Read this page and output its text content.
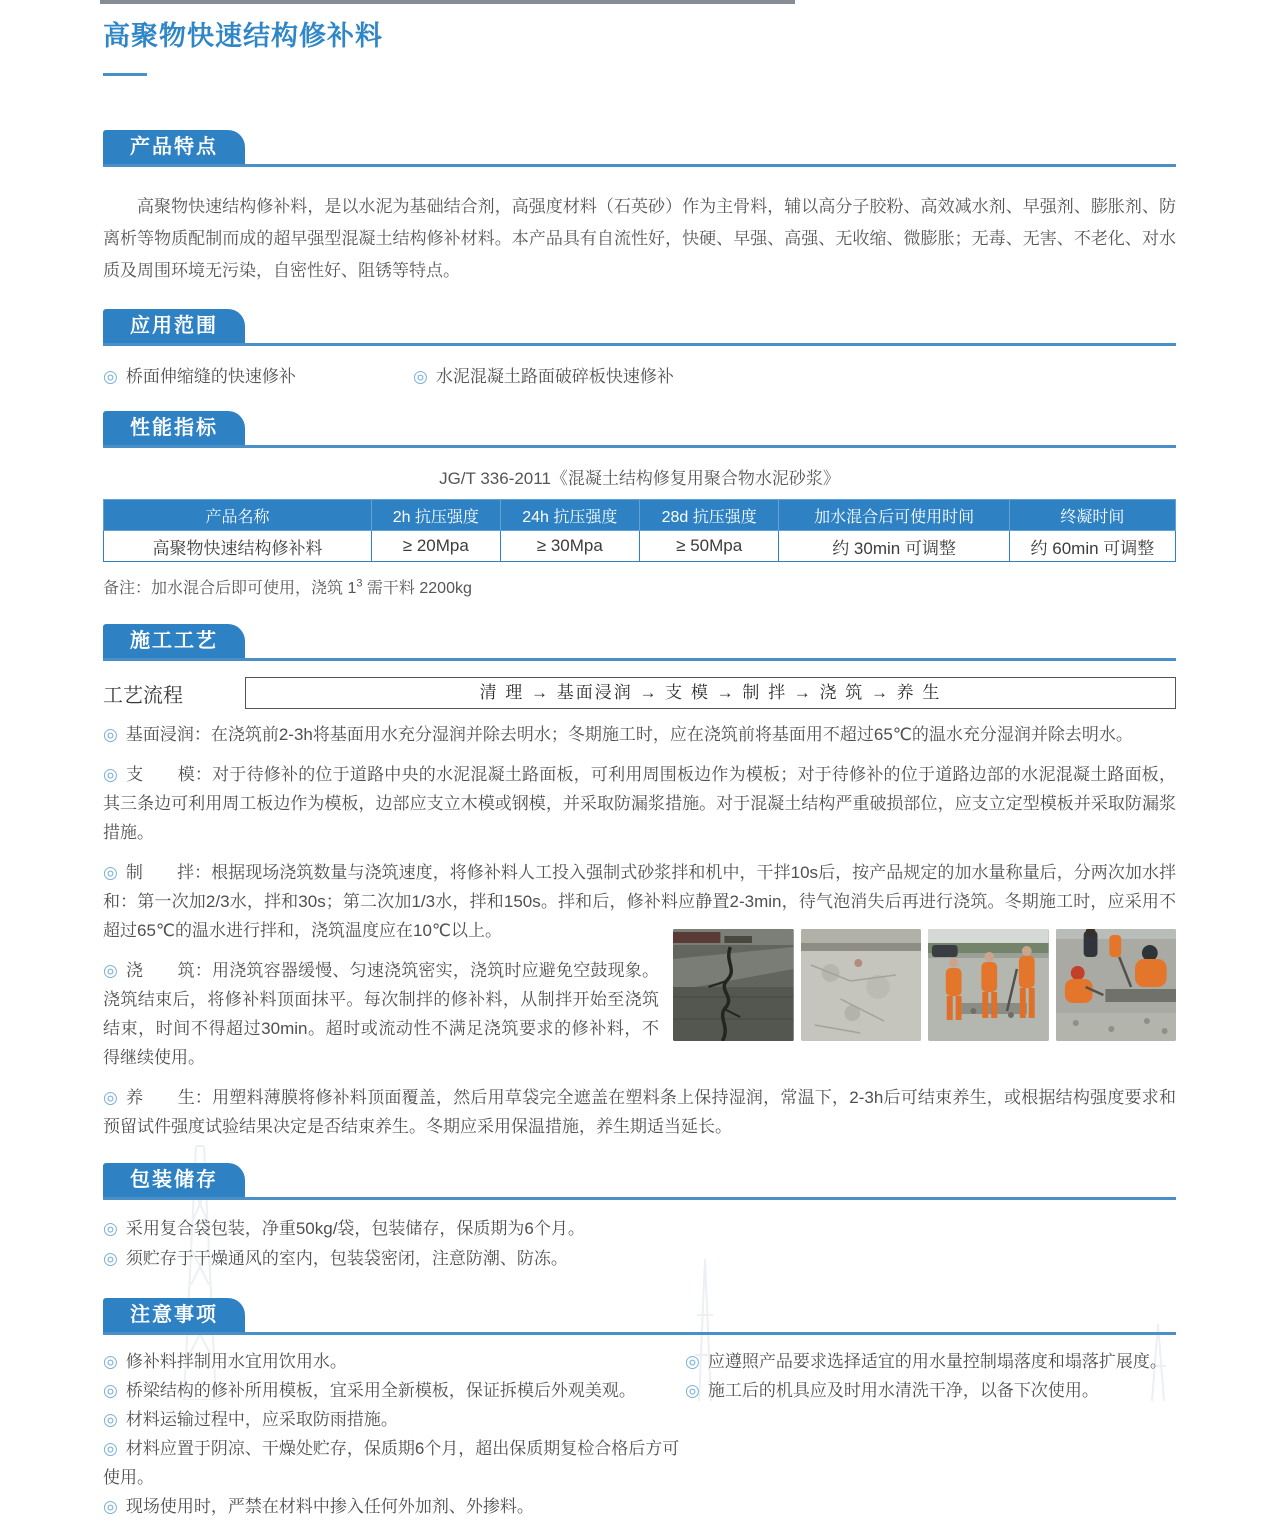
高聚物快速结构修补料
产品特点

高聚物快速结构修补料，是以水泥为基础结合剂，高强度材料（石英砂）作为主骨料，辅以高分子胶粉、高效减水剂、早强剂、膨胀剂、防离析等物质配制而成的超早强型混凝土结构修补材料。本产品具有自流性好，快硬、早强、高强、无收缩、微膨胀；无毒、无害、不老化、对水质及周围环境无污染，自密性好、阻锈等特点。

应用范围
◎ 桥面伸缩缝的快速修补	◎ 水泥混凝土路面破碎板快速修补
性能指标

JG/T 336-2011《混凝土结构修复用聚合物水泥砂浆》

产品名称	2h 抗压强度	24h 抗压强度	28d 抗压强度	加水混合后可使用时间	终凝时间
高聚物快速结构修补料	≥ 20Mpa	≥ 30Mpa	≥ 50Mpa	约 30min 可调整	约 60min 可调整

备注：加水混合后即可使用，浇筑 $1^3$ 需干料 2200kg

施工工艺
工艺流程	清 理 → 基面浸润 → 支 模 → 制 拌 → 浇 筑 → 养 生

◎ 基面浸润：在浇筑前2-3h将基面用水充分湿润并除去明水；冬期施工时，应在浇筑前将基面用不超过65℃的温水充分湿润并除去明水。

◎ 支　　模：对于待修补的位于道路中央的水泥混凝土路面板，可利用周围板边作为模板；对于待修补的位于道路边部的水泥混凝土路面板，其三条边可利用周工板边作为模板，边部应支立木模或钢模，并采取防漏浆措施。对于混凝土结构严重破损部位，应支立定型模板并采取防漏浆措施。

◎ 制　　拌：根据现场浇筑数量与浇筑速度，将修补料人工投入强制式砂浆拌和机中，干拌10s后，按产品规定的加水量称量后，分两次加水拌和：第一次加2/3水，拌和30s；第二次加1/3水，拌和150s。拌和后，修补料应静置2-3min，待气泡消失后再进行浇筑。冬期施工时，应采用不超过65℃的温水进行拌和，浇筑温度应在10℃以上。

◎ 浇　　筑：用浇筑容器缓慢、匀速浇筑密实，浇筑时应避免空鼓现象。浇筑结束后，将修补料顶面抹平。每次制拌的修补料，从制拌开始至浇筑结束，时间不得超过30min。超时或流动性不满足浇筑要求的修补料，不得继续使用。

◎ 养　　生：用塑料薄膜将修补料顶面覆盖，然后用草袋完全遮盖在塑料条上保持湿润，常温下，2-3h后可结束养生，或根据结构强度要求和预留试件强度试验结果决定是否结束养生。冬期应采用保温措施，养生期适当延长。

包装储存
◎ 采用复合袋包装，净重50kg/袋，包装储存，保质期为6个月。
◎ 须贮存于干燥通风的室内，包装袋密闭，注意防潮、防冻。
注意事项
◎ 修补料拌制用水宜用饮用水。
◎ 桥梁结构的修补所用模板，宜采用全新模板，保证拆模后外观美观。
◎ 材料运输过程中，应采取防雨措施。
◎ 材料应置于阴凉、干燥处贮存，保质期6个月，超出保质期复检合格后方可使用。
◎ 现场使用时，严禁在材料中掺入任何外加剂、外掺料。
◎ 应遵照产品要求选择适宜的用水量控制塌落度和塌落扩展度。
◎ 施工后的机具应及时用水清洗干净，以备下次使用。
